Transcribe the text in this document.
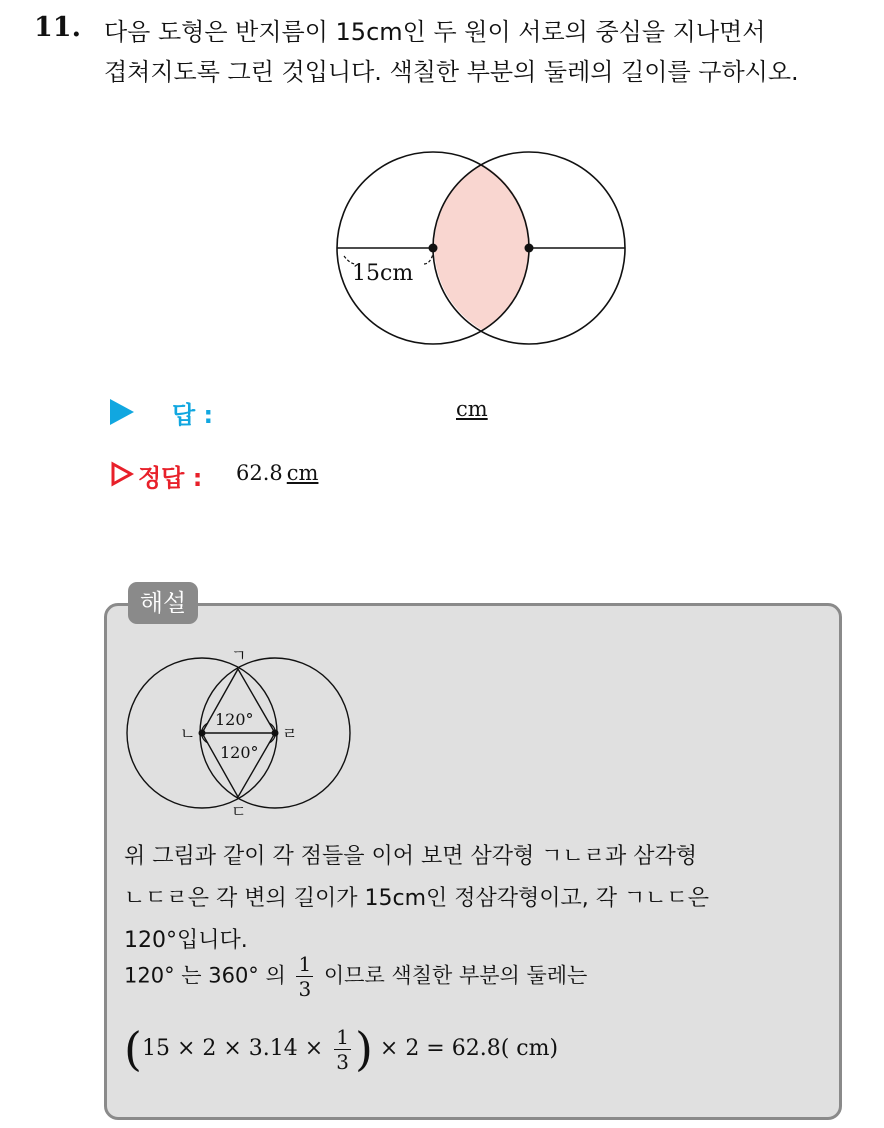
11. 다음 도형은 반지름이 15cm인 두 원이 서로의 중심을 지나면서
겹쳐지도록 그린 것입니다. 색칠한 부분의 둘레의 길이를 구하시오.
15cm
답 :	cm
정답 : 62.8 cm
해설
ㄱ
ㄴ	ㄹ
ㄷ
120°
120°
위 그림과 같이 각 점들을 이어 보면 삼각형 ㄱㄴㄹ과 삼각형
ㄴㄷㄹ은 각 변의 길이가 15cm인 정삼각형이고, 각 ㄱㄴㄷ은
120°입니다.
120° 는 360° 의 $\frac{1}{3}$ 이므로 색칠한 부분의 둘레는
($15 \times 2 \times 3.14 \times \frac{1}{3}$ ) × 2 = 62.8( cm)
